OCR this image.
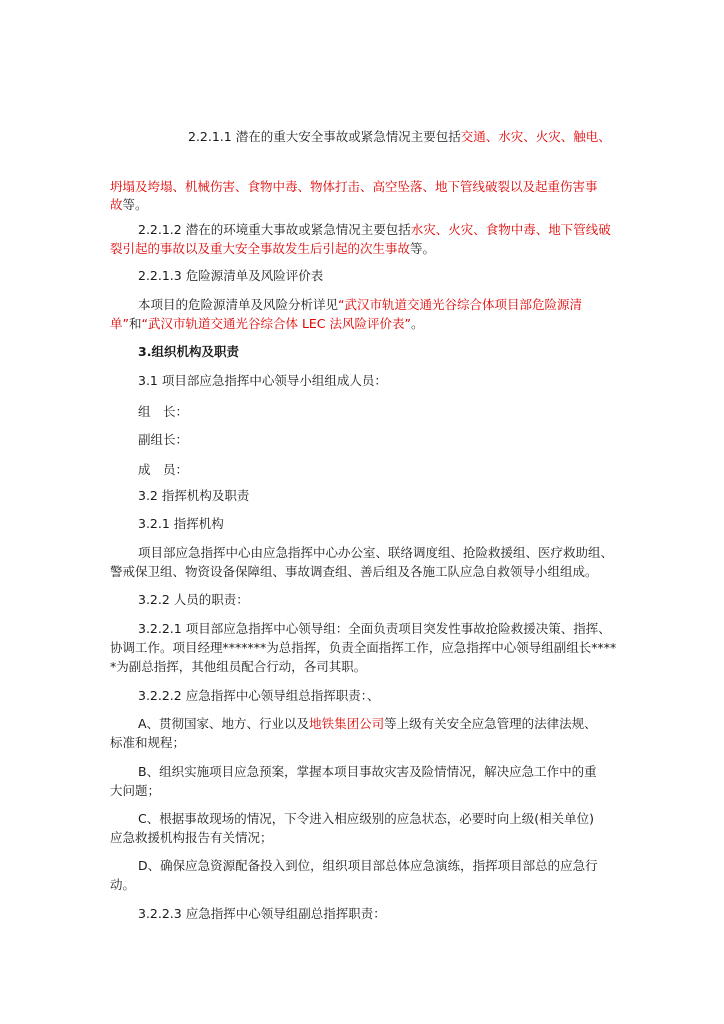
2.2.1.1 潜在的重大安全事故或紧急情况主要包括交通、水灾、火灾、触电、
坍塌及垮塌、机械伤害、食物中毒、物体打击、高空坠落、地下管线破裂以及起重伤害事
故等。
2.2.1.2 潜在的环境重大事故或紧急情况主要包括水灾、火灾、食物中毒、地下管线破
裂引起的事故以及重大安全事故发生后引起的次生事故等。
2.2.1.3 危险源清单及风险评价表
本项目的危险源清单及风险分析详见“武汉市轨道交通光谷综合体项目部危险源清
单”和“武汉市轨道交通光谷综合体 LEC 法风险评价表”。
3.组织机构及职责
3.1 项目部应急指挥中心领导小组组成人员：
组　长：
副组长：
成　员：
3.2 指挥机构及职责
3.2.1 指挥机构
项目部应急指挥中心由应急指挥中心办公室、联络调度组、抢险救援组、医疗救助组、
警戒保卫组、物资设备保障组、事故调查组、善后组及各施工队应急自救领导小组组成。
3.2.2 人员的职责：
3.2.2.1 项目部应急指挥中心领导组：全面负责项目突发性事故抢险救援决策、指挥、
协调工作。项目经理*******为总指挥，负责全面指挥工作，应急指挥中心领导组副组长****
*为副总指挥，其他组员配合行动，各司其职。
3.2.2.2 应急指挥中心领导组总指挥职责：、
A、贯彻国家、地方、行业以及地铁集团公司等上级有关安全应急管理的法律法规、
标准和规程；
B、组织实施项目应急预案，掌握本项目事故灾害及险情情况，解决应急工作中的重
大问题；
C、根据事故现场的情况，下令进入相应级别的应急状态，必要时向上级(相关单位)
应急救援机构报告有关情况；
D、确保应急资源配备投入到位，组织项目部总体应急演练，指挥项目部总的应急行
动。
3.2.2.3 应急指挥中心领导组副总指挥职责：
